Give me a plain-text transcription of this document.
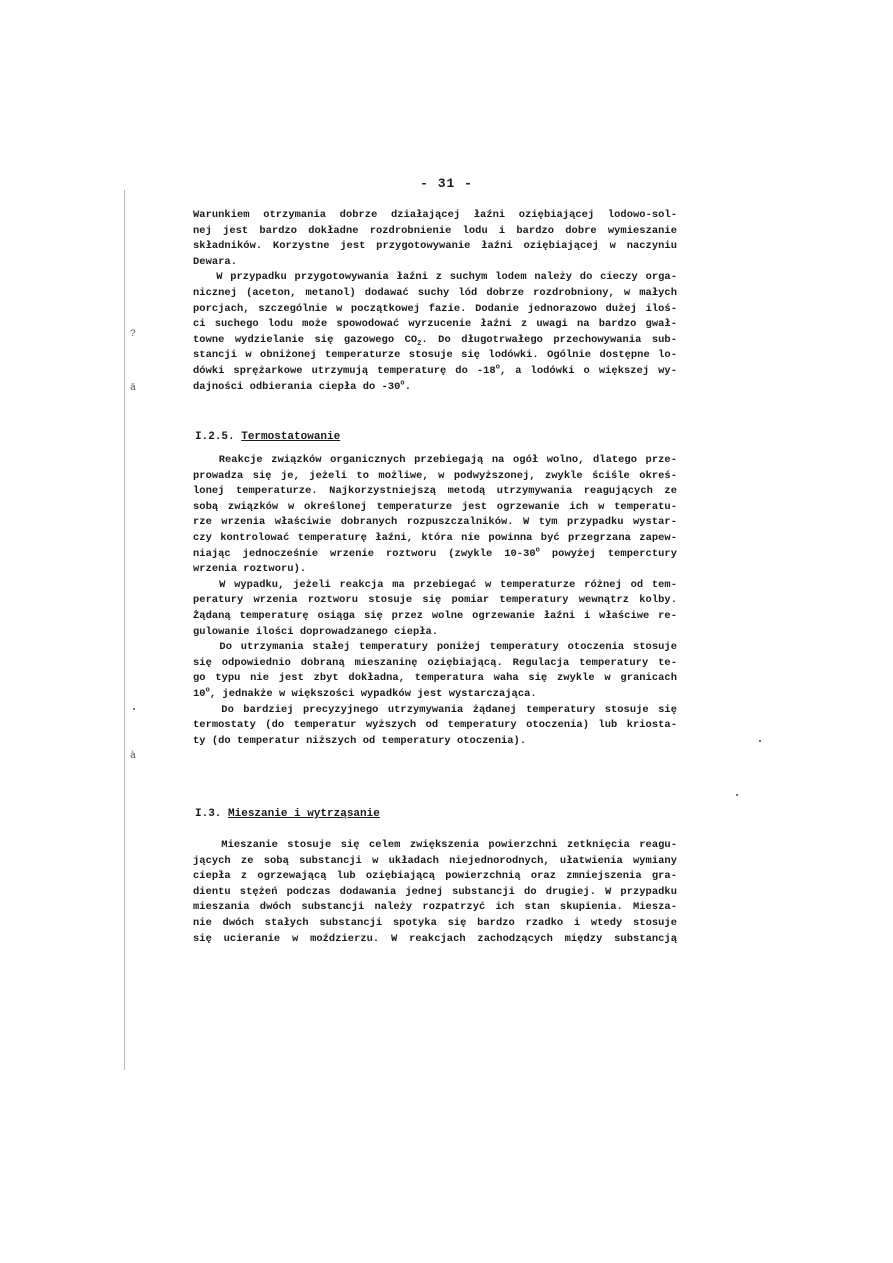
?
ä
à
- 31 -
Warunkiem otrzymania dobrze działającej łaźni oziębiającej lodowo-sol-
nej jest bardzo dokładne rozdrobnienie lodu i bardzo dobre wymieszanie
składników. Korzystne jest przygotowywanie łaźni oziębiającej w naczyniu
Dewara.
W przypadku przygotowywania łaźni z suchym lodem należy do cieczy orga-
nicznej (aceton, metanol) dodawać suchy lód dobrze rozdrobniony, w małych
porcjach, szczególnie w początkowej fazie. Dodanie jednorazowo dużej iloś-
ci suchego lodu może spowodować wyrzucenie łaźni z uwagi na bardzo gwał-
towne wydzielanie się gazowego $CO_2$. Do długotrwałego przechowywania sub-
stancji w obniżonej temperaturze stosuje się lodówki. Ogólnie dostępne lo-
dówki sprężarkowe utrzymują temperaturę do -18$^o$, a lodówki o większej wy-
dajności odbierania ciepła do -30$^o$.
I.2.5. Termostatowanie
Reakcje związków organicznych przebiegają na ogół wolno, dlatego prze-
prowadza się je, jeżeli to możliwe, w podwyższonej, zwykle ściśle okreś-
lonej temperaturze. Najkorzystniejszą metodą utrzymywania reagujących ze
sobą związków w określonej temperaturze jest ogrzewanie ich w temperatu-
rze wrzenia właściwie dobranych rozpuszczalników. W tym przypadku wystar-
czy kontrolować temperaturę łaźni, która nie powinna być przegrzana zapew-
niając jednocześnie wrzenie roztworu (zwykle 10-30$^o$ powyżej temperctury
wrzenia roztworu).
W wypadku, jeżeli reakcja ma przebiegać w temperaturze różnej od tem-
peratury wrzenia roztworu stosuje się pomiar temperatury wewnątrz kolby.
Żądaną temperaturę osiąga się przez wolne ogrzewanie łaźni i właściwe re-
gulowanie ilości doprowadzanego ciepła.
Do utrzymania stałej temperatury poniżej temperatury otoczenia stosuje
się odpowiednio dobraną mieszaninę oziębiającą. Regulacja temperatury te-
go typu nie jest zbyt dokładna, temperatura waha się zwykle w granicach
10$^o$, jednakże w większości wypadków jest wystarczająca.
Do bardziej precyzyjnego utrzymywania żądanej temperatury stosuje się
termostaty (do temperatur wyższych od temperatury otoczenia) lub kriosta-
ty (do temperatur niższych od temperatury otoczenia).
I.3. Mieszanie i wytrząsanie
Mieszanie stosuje się celem zwiększenia powierzchni zetknięcia reagu-
jących ze sobą substancji w układach niejednorodnych, ułatwienia wymiany
ciepła z ogrzewającą lub oziębiającą powierzchnią oraz zmniejszenia gra-
dientu stężeń podczas dodawania jednej substancji do drugiej. W przypadku
mieszania dwóch substancji należy rozpatrzyć ich stan skupienia. Miesza-
nie dwóch stałych substancji spotyka się bardzo rzadko i wtedy stosuje
się ucieranie w moździerzu. W reakcjach zachodzących między substancją
